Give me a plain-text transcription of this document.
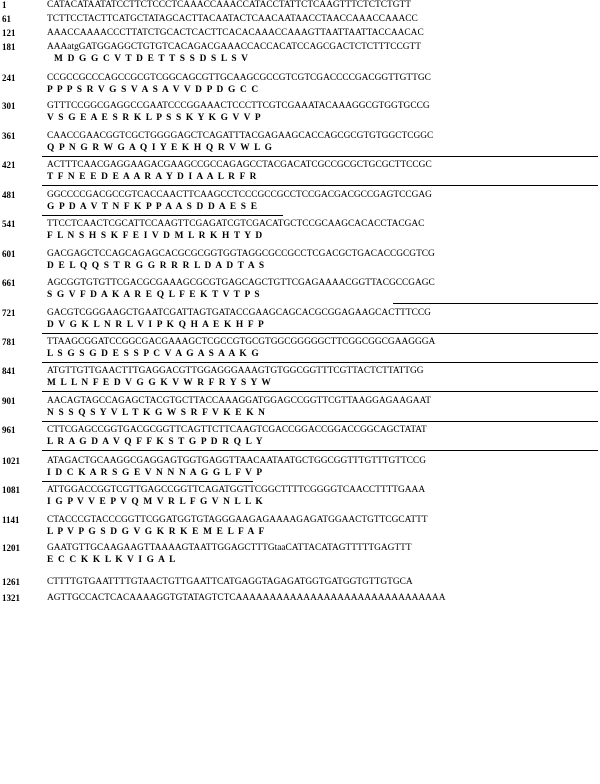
1	CATACATAATATCCTTCTCCCTCAAACCAAACCATACCTATTCTCAAGTTTCTCTCTGTT
61	TCTTCCTACTTCATGCTATAGCACTTACAATACTCAACAATAACCTAACCAAACCAAACC
121	AAACCAAAACCCTTATCTGCACTCACTTCACACAAACCAAAGTTAATTAATTACCAACAC
181	AAAatgGATGGAGGCTGTGTCACAGACGAAACCACCACATCCAGCGACTCTCTTTCCGTT
M  D  G  G  C  V  T  D  E  T  T  S  S  D  S  L  S  V
241	CCGCCGCCCAGCCGCGTCGGCAGCGTTGCAAGCGCCGTCGTCGACCCCGACGGTTGTTGC
P  P  P  S  R  V  G  S  V  A  S  A  V  V  D  P  D  G  C  C
301	GTTTCCGGCGAGGCCGAATCCCGGAAACTCCCTTCGTCGAAATACAAAGGCGTGGTGCCG
V  S  G  E  A  E  S  R  K  L  P  S  S  K  Y  K  G  V  V  P
361	CAACCGAACGGTCGCTGGGGAGCTCAGATTTACGAGAAGCACCAGCGCGTGTGGCTCGGC
Q  P  N  G  R  W  G  A  Q  I  Y  E  K  H  Q  R  V  W  L  G
421	ACTTTCAACGAGGAAGACGAAGCCGCCAGAGCCTACGACATCGCCGCGCTGCGCTTCCGC
T  F  N  E  E  D  E  A  A  R  A  Y  D  I  A  A  L  R  F  R
481	GGCCCCGACGCCGTCACCAACTTCAAGCCTCCCGCCGCCTCCGACGACGCCGAGTCCGAG
G  P  D  A  V  T  N  F  K  P  P  A  A  S  D  D  A  E  S  E
541	TTCCTCAACTCGCATTCCAAGTTCGAGATCGTCGACATGCTCCGCAAGCACACCTACGAC
F  L  N  S  H  S  K  F  E  I  V  D  M  L  R  K  H  T  Y  D
601	GACGAGCTCCAGCAGAGCACGCGCGGTGGTAGGCGCCGCCTCGACGCTGACACCGCGTCG
D  E  L  Q  Q  S  T  R  G  G  R  R  R  L  D  A  D  T  A  S
661	AGCGGTGTGTTCGACGCGAAAGCGCGTGAGCAGCTGTTCGAGAAAACGGTTACGCCGAGC
S  G  V  F  D  A  K  A  R  E  Q  L  F  E  K  T  V  T  P  S
721	GACGTCGGGAAGCTGAATCGATTAGTGATACCGAAGCAGCACGCGGAGAAGCACTTTCCG
D  V  G  K  L  N  R  L  V  I  P  K  Q  H  A  E  K  H  F  P
781	TTAAGCGGATCCGGCGACGAAAGCTCGCCGTGCGTGGCGGGGGCTTCGGCGGCGAAGGGA
L  S  G  S  G  D  E  S  S  P  C  V  A  G  A  S  A  A  K  G
841	ATGTTGTTGAACTTTGAGGACGTTGGAGGGAAAGTGTGGCGGTTTCGTTACTCTTATTGG
M  L  L  N  F  E  D  V  G  G  K  V  W  R  F  R  Y  S  Y  W
901	AACAGTAGCCAGAGCTACGTGCTTACCAAAGGATGGAGCCGGTTCGTTAAGGAGAAGAAT
N  S  S  Q  S  Y  V  L  T  K  G  W  S  R  F  V  K  E  K  N
961	CTTCGAGCCGGTGACGCGGTTCAGTTCTTCAAGTCGACCGGACCGGACCGGCAGCTATAT
L  R  A  G  D  A  V  Q  F  F  K  S  T  G  P  D  R  Q  L  Y
1021	ATAGACTGCAAGGCGAGGAGTGGTGAGGTTAACAATAATGCTGGCGGTTTGTTTGTTCCG
I  D  C  K  A  R  S  G  E  V  N  N  N  A  G  G  L  F  V  P
1081	ATTGGACCGGTCGTTGAGCCGGTTCAGATGGTTCGGCTTTTCGGGGTCAACCTTTTGAAA
I  G  P  V  V  E  P  V  Q  M  V  R  L  F  G  V  N  L  L  K
1141	CTACCCGTACCCGGTTCGGATGGTGTAGGGAAGAGAAAAGAGATGGAACTGTTCGCATTT
L  P  V  P  G  S  D  G  V  G  K  R  K  E  M  E  L  F  A  F
1201	GAATGTTGCAAGAAGTTAAAAGTAATTGGAGCTTTGtaaCATTACATAGTTTTTGAGTTT
E  C  C  K  K  L  K  V  I  G  A  L
1261	CTTTTGTGAATTTTGTAACTGTTGAATTCATGAGGTAGAGATGGTGATGGTGTTGTGCA
1321	AGTTGCCACTCACAAAAGGTGTATAGTCTCAAAAAAAAAAAAAAAAAAAAAAAAAAAAAAA
